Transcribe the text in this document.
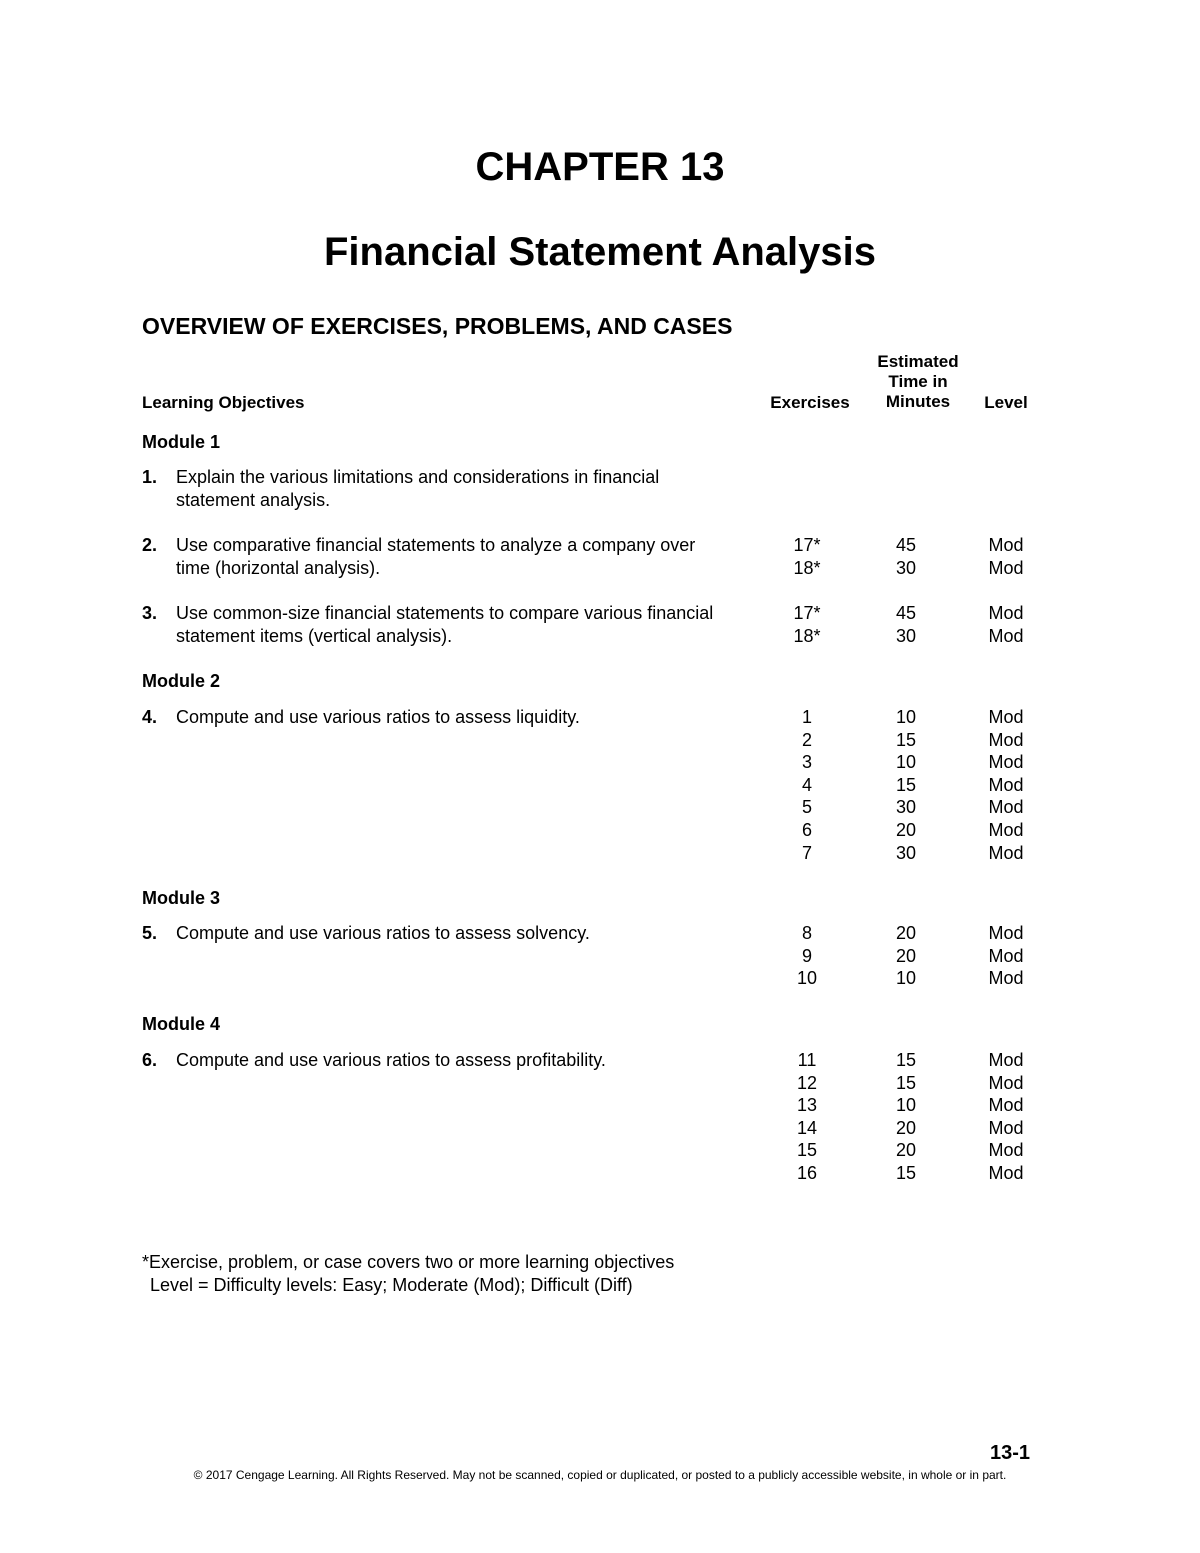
CHAPTER 13
Financial Statement Analysis
OVERVIEW OF EXERCISES, PROBLEMS, AND CASES
Learning Objectives	Exercises
Estimated
Time in
Minutes	Level
Module 1
1. Explain the various limitations and considerations in financial statement analysis.
2. Use comparative financial statements to analyze a company over time (horizontal analysis).
17*	45	Mod
18*	30	Mod
3. Use common-size financial statements to compare various financial statement items (vertical analysis).
17*	45	Mod
18*	30	Mod
Module 2
4. Compute and use various ratios to assess liquidity.	1	10	Mod
2	15	Mod
3	10	Mod
4	15	Mod
5	30	Mod
6	20	Mod
7	30	Mod
Module 3
5. Compute and use various ratios to assess solvency.	8	20	Mod
9	20	Mod
10	10	Mod
Module 4
6. Compute and use various ratios to assess profitability.	11	15	Mod
12	15	Mod
13	10	Mod
14	20	Mod
15	20	Mod
16	15	Mod
*Exercise, problem, or case covers two or more learning objectives
Level = Difficulty levels: Easy; Moderate (Mod); Difficult (Diff)
13-1
© 2017 Cengage Learning. All Rights Reserved. May not be scanned, copied or duplicated, or posted to a publicly accessible website, in whole or in part.
